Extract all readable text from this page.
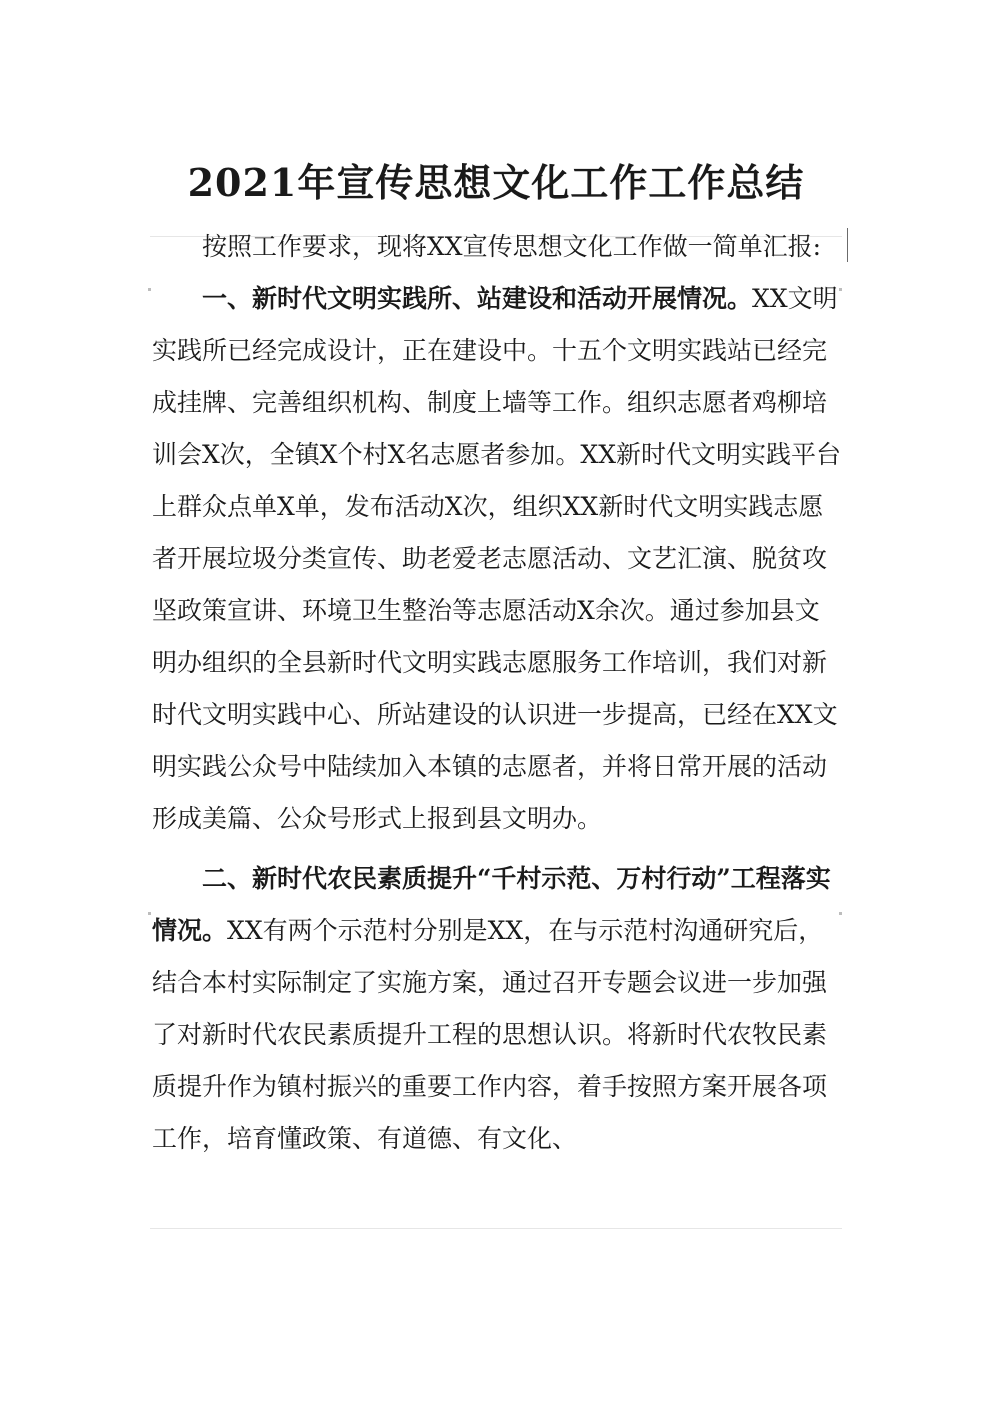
2021年宣传思想文化工作工作总结

按照工作要求，现将XX宣传思想文化工作做一简单汇报:

一、新时代文明实践所、站建设和活动开展情况。XX文明实践所已经完成设计，正在建设中。十五个文明实践站已经完成挂牌、完善组织机构、制度上墙等工作。组织志愿者鸡柳培训会X次，全镇X个村X名志愿者参加。XX新时代文明实践平台上群众点单X单，发布活动X次，组织XX新时代文明实践志愿者开展垃圾分类宣传、助老爱老志愿活动、文艺汇演、脱贫攻坚政策宣讲、环境卫生整治等志愿活动X余次。通过参加县文明办组织的全县新时代文明实践志愿服务工作培训，我们对新时代文明实践中心、所站建设的认识进一步提高，已经在XX文明实践公众号中陆续加入本镇的志愿者，并将日常开展的活动形成美篇、公众号形式上报到县文明办。

二、新时代农民素质提升“千村示范、万村行动”工程落实情况。XX有两个示范村分别是XX，在与示范村沟通研究后，结合本村实际制定了实施方案，通过召开专题会议进一步加强了对新时代农民素质提升工程的思想认识。将新时代农牧民素质提升作为镇村振兴的重要工作内容，着手按照方案开展各项工作，培育懂政策、有道德、有文化、
